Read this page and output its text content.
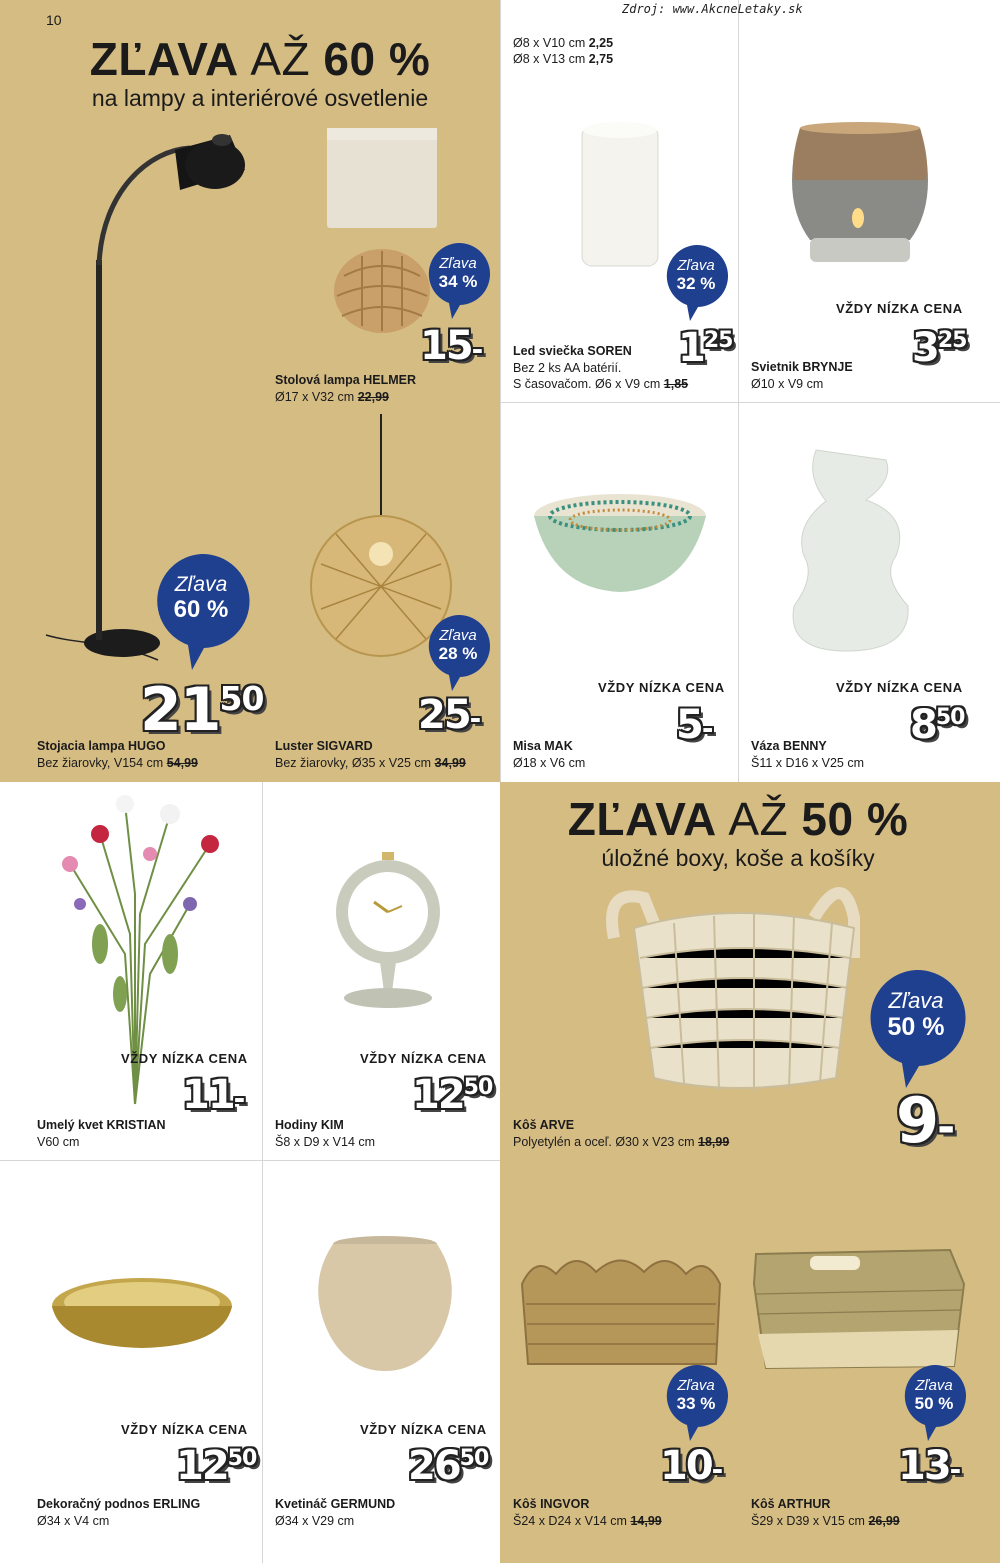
10
Zdroj: www.AkcneLetaky.sk
ZĽAVA AŽ 60 %
na lampy a interiérové osvetlenie
Zľava
60 %
$21^{50}$
Stojacia lampa HUGO
Bez žiarovky, V154 cm 54,99
Zľava
34 %
15-
Stolová lampa HELMER
Ø17 x V32 cm 22,99
Zľava
28 %
25-
Luster SIGVARD
Bez žiarovky, Ø35 x V25 cm 34,99
Ø8 x V10 cm 2,25
Ø8 x V13 cm 2,75
Zľava
32 %
$1^{25}$
Led sviečka SOREN
Bez 2 ks AA batérií.
S časovačom. Ø6 x V9 cm 1,85
VŽDY NÍZKA CENA
$3^{25}$
Svietnik BRYNJE
Ø10 x V9 cm
VŽDY NÍZKA CENA
5-
Misa MAK
Ø18 x V6 cm
VŽDY NÍZKA CENA
$8^{50}$
Váza BENNY
Š11 x D16 x V25 cm
VŽDY NÍZKA CENA
11-
Umelý kvet KRISTIAN
V60 cm
VŽDY NÍZKA CENA
$12^{50}$
Hodiny KIM
Š8 x D9 x V14 cm
ZĽAVA AŽ 50 %
úložné boxy, koše a košíky
Zľava
50 %
9-
Kôš ARVE
Polyetylén a oceľ. Ø30 x V23 cm 18,99
VŽDY NÍZKA CENA
$12^{50}$
Dekoračný podnos ERLING
Ø34 x V4 cm
VŽDY NÍZKA CENA
$26^{50}$
Kvetináč GERMUND
Ø34 x V29 cm
Zľava
33 %
10-
Kôš INGVOR
Š24 x D24 x V14 cm 14,99
Zľava
50 %
13-
Kôš ARTHUR
Š29 x D39 x V15 cm 26,99
